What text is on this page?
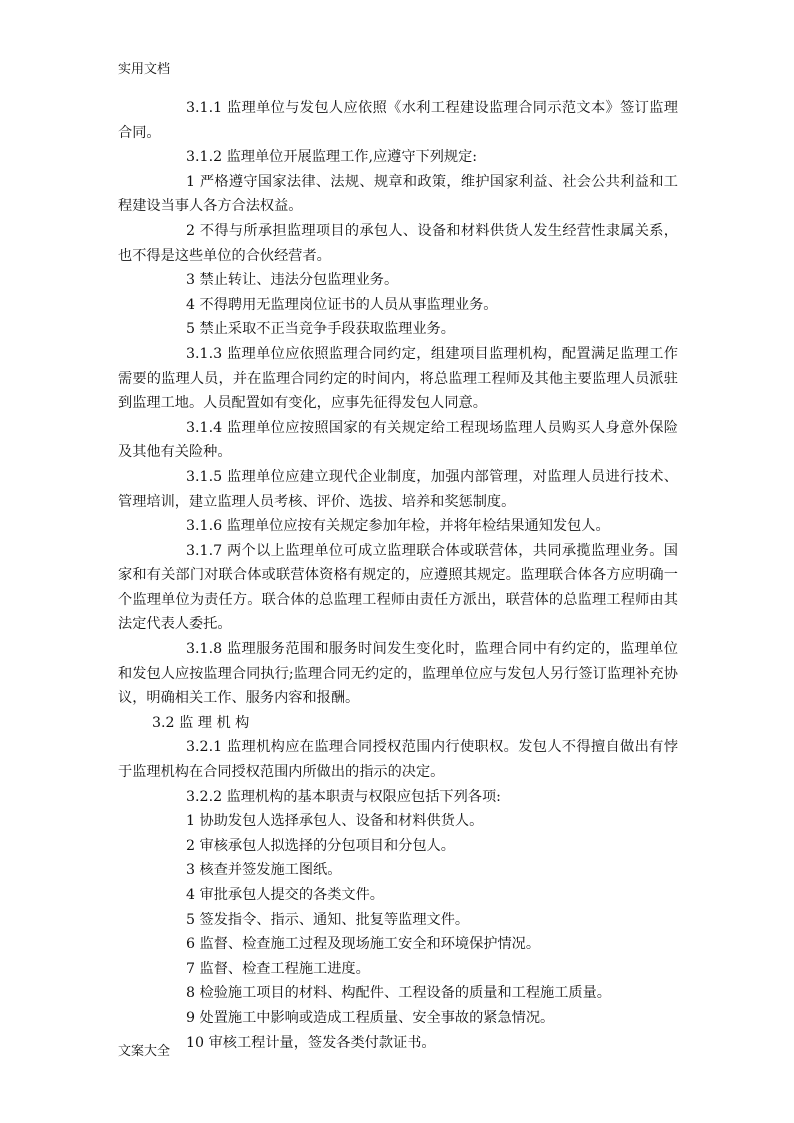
实用文档

3.1.1 监理单位与发包人应依照《水利工程建设监理合同示范文本》签订监理合同。

3.1.2 监理单位开展监理工作,应遵守下列规定:

1 严格遵守国家法律、法规、规章和政策，维护国家利益、社会公共利益和工程建设当事人各方合法权益。

2 不得与所承担监理项目的承包人、设备和材料供货人发生经营性隶属关系，也不得是这些单位的合伙经营者。

3 禁止转让、违法分包监理业务。

4 不得聘用无监理岗位证书的人员从事监理业务。

5 禁止采取不正当竞争手段获取监理业务。

3.1.3 监理单位应依照监理合同约定，组建项目监理机构，配置满足监理工作需要的监理人员，并在监理合同约定的时间内，将总监理工程师及其他主要监理人员派驻到监理工地。人员配置如有变化，应事先征得发包人同意。

3.1.4 监理单位应按照国家的有关规定给工程现场监理人员购买人身意外保险及其他有关险种。

3.1.5 监理单位应建立现代企业制度，加强内部管理，对监理人员进行技术、管理培训，建立监理人员考核、评价、选拔、培养和奖惩制度。

3.1.6 监理单位应按有关规定参加年检，并将年检结果通知发包人。

3.1.7 两个以上监理单位可成立监理联合体或联营体，共同承揽监理业务。国家和有关部门对联合体或联营体资格有规定的，应遵照其规定。监理联合体各方应明确一个监理单位为责任方。联合体的总监理工程师由责任方派出，联营体的总监理工程师由其法定代表人委托。

3.1.8 监理服务范围和服务时间发生变化时，监理合同中有约定的，监理单位和发包人应按监理合同执行;监理合同无约定的，监理单位应与发包人另行签订监理补充协议，明确相关工作、服务内容和报酬。

3.2 监 理 机 构

3.2.1 监理机构应在监理合同授权范围内行使职权。发包人不得擅自做出有悖于监理机构在合同授权范围内所做出的指示的决定。

3.2.2 监理机构的基本职责与权限应包括下列各项:

1 协助发包人选择承包人、设备和材料供货人。

2 审核承包人拟选择的分包项目和分包人。

3 核查并签发施工图纸。

4 审批承包人提交的各类文件。

5 签发指令、指示、通知、批复等监理文件。

6 监督、检查施工过程及现场施工安全和环境保护情况。

7 监督、检查工程施工进度。

8 检验施工项目的材料、构配件、工程设备的质量和工程施工质量。

9 处置施工中影响或造成工程质量、安全事故的紧急情况。

10 审核工程计量，签发各类付款证书。

文案大全
